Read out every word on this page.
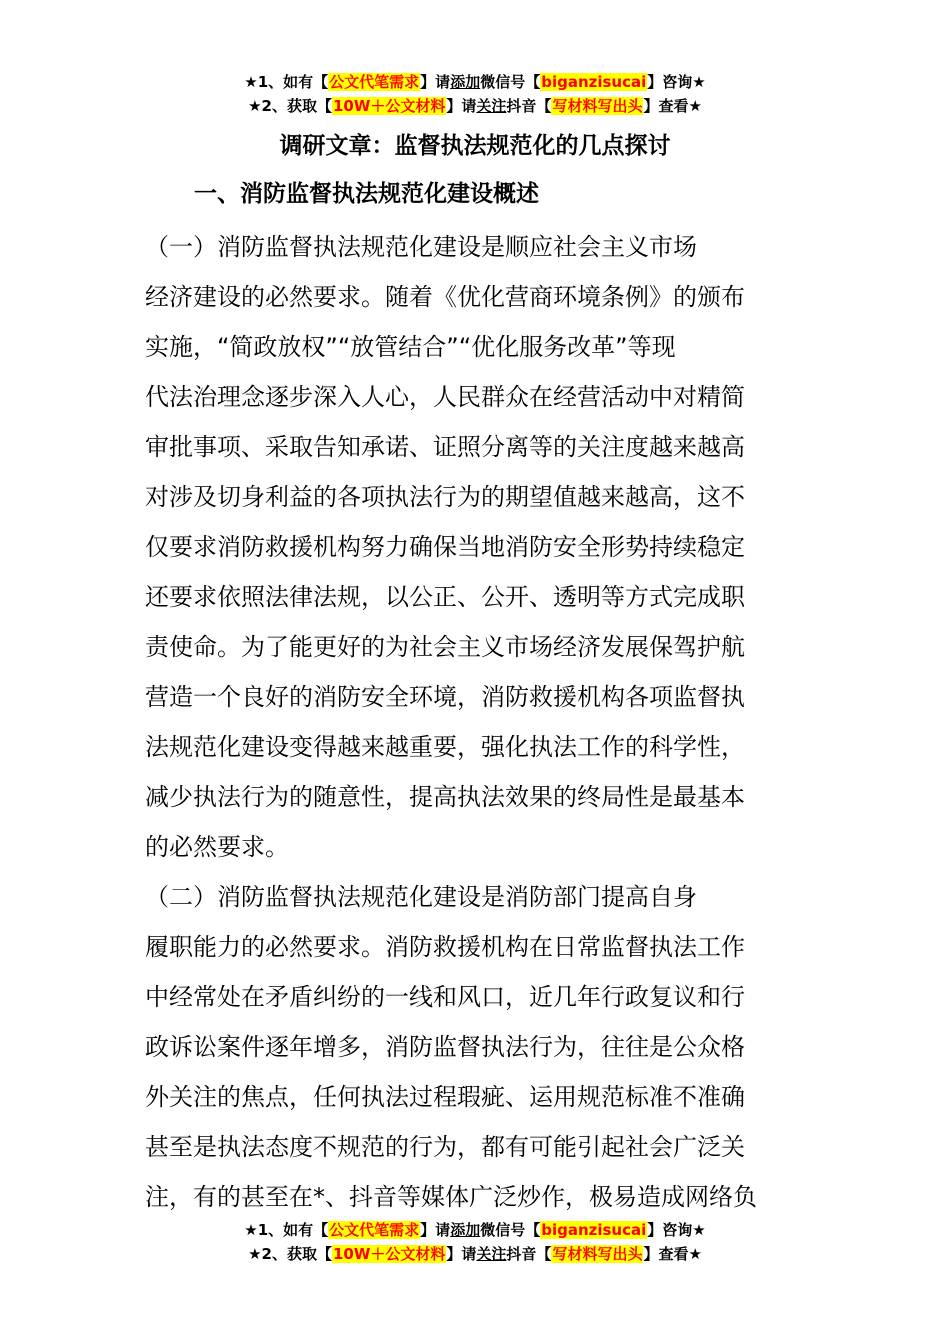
★1、如有【公文代笔需求】请添加微信号【biganzisucai】咨询★
★2、获取【10W＋公文材料】请关注抖音【写材料写出头】查看★
调研文章：监督执法规范化的几点探讨
一、消防监督执法规范化建设概述
（一）消防监督执法规范化建设是顺应社会主义市场
经济建设的必然要求。随着《优化营商环境条例》的颁布
实施，“简政放权”“放管结合”“优化服务改革”等现
代法治理念逐步深入人心，人民群众在经营活动中对精简
审批事项、采取告知承诺、证照分离等的关注度越来越高
对涉及切身利益的各项执法行为的期望值越来越高，这不
仅要求消防救援机构努力确保当地消防安全形势持续稳定
还要求依照法律法规，以公正、公开、透明等方式完成职
责使命。为了能更好的为社会主义市场经济发展保驾护航
营造一个良好的消防安全环境，消防救援机构各项监督执
法规范化建设变得越来越重要，强化执法工作的科学性，
减少执法行为的随意性，提高执法效果的终局性是最基本
的必然要求。
（二）消防监督执法规范化建设是消防部门提高自身
履职能力的必然要求。消防救援机构在日常监督执法工作
中经常处在矛盾纠纷的一线和风口，近几年行政复议和行
政诉讼案件逐年增多，消防监督执法行为，往往是公众格
外关注的焦点，任何执法过程瑕疵、运用规范标准不准确
甚至是执法态度不规范的行为，都有可能引起社会广泛关
注，有的甚至在*、抖音等媒体广泛炒作，极易造成网络负
★1、如有【公文代笔需求】请添加微信号【biganzisucai】咨询★
★2、获取【10W＋公文材料】请关注抖音【写材料写出头】查看★
